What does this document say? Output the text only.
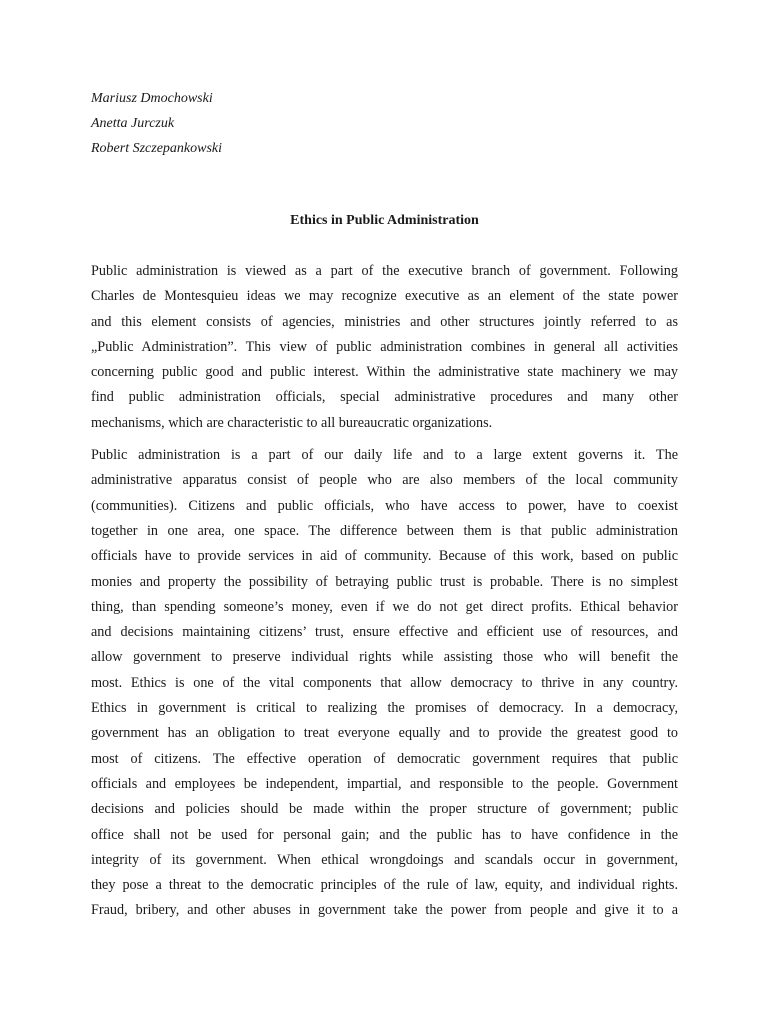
Mariusz Dmochowski
Anetta Jurczuk
Robert Szczepankowski
Ethics in Public Administration
Public administration is viewed as a part of the executive branch of government. Following
Charles de Montesquieu ideas we may recognize executive as an element of the state power
and this element consists of agencies, ministries and other structures jointly referred to as
„Public Administration”. This view of public administration combines in general all activities
concerning public good and public interest. Within the administrative state machinery we may
find public administration officials, special administrative procedures and many other
mechanisms, which are characteristic to all bureaucratic organizations.
Public administration is a part of our daily life and to a large extent governs it. The
administrative apparatus consist of people who are also members of the local community
(communities). Citizens and public officials, who have access to power, have to coexist
together in one area, one space. The difference between them is that public administration
officials have to provide services in aid of community. Because of this work, based on public
monies and property the possibility of betraying public trust is probable. There is no simplest
thing, than spending someone’s money, even if we do not get direct profits. Ethical behavior
and decisions maintaining citizens’ trust, ensure effective and efficient use of resources, and
allow government to preserve individual rights while assisting those who will benefit the
most. Ethics is one of the vital components that allow democracy to thrive in any country.
Ethics in government is critical to realizing the promises of democracy. In a democracy,
government has an obligation to treat everyone equally and to provide the greatest good to
most of citizens. The effective operation of democratic government requires that public
officials and employees be independent, impartial, and responsible to the people. Government
decisions and policies should be made within the proper structure of government; public
office shall not be used for personal gain; and the public has to have confidence in the
integrity of its government. When ethical wrongdoings and scandals occur in government,
they pose a threat to the democratic principles of the rule of law, equity, and individual rights.
Fraud, bribery, and other abuses in government take the power from people and give it to a
